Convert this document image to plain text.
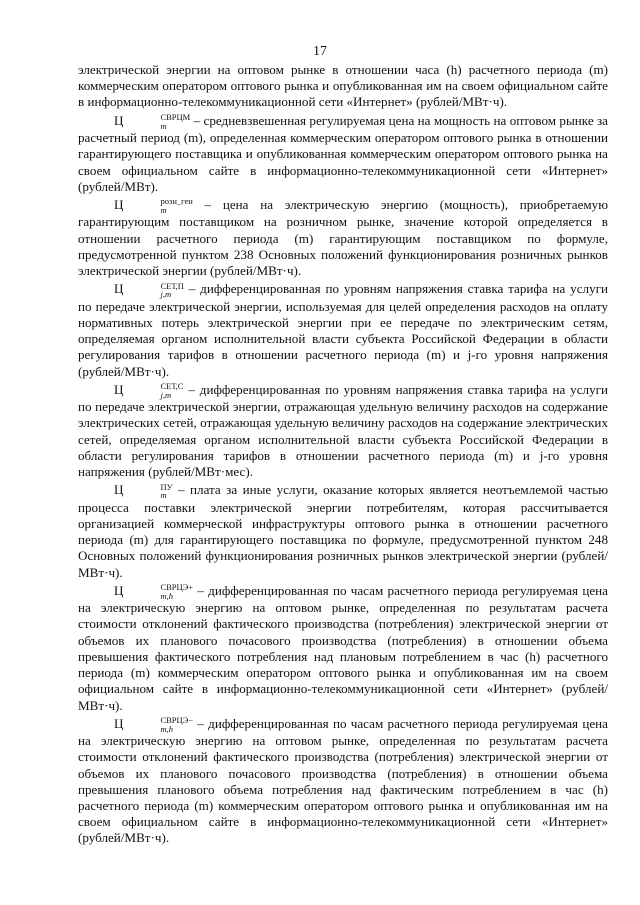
17

электрической энергии на оптовом рынке в отношении часа (h) расчетного периода (m) коммерческим оператором оптового рынка и опубликованная им на своем официальном сайте в информационно-телекоммуникационной сети «Интернет» (рублей/МВт·ч).

Ц	СВРЦМ
m	– средневзвешенная регулируемая цена на мощность на оптовом рынке за расчетный период (m), определенная коммерческим оператором оптового рынка в отношении гарантирующего поставщика и опубликованная коммерческим оператором оптового рынка на своем официальном сайте в информационно-телекоммуникационной сети «Интернет» (рублей/МВт).

Ц	розн_ген
m	– цена на электрическую энергию (мощность), приобретаемую гарантирующим поставщиком на розничном рынке, значение которой определяется в отношении расчетного периода (m) гарантирующим поставщиком по формуле, предусмотренной пунктом 238 Основных положений функционирования розничных рынков электрической энергии (рублей/МВт·ч).

Ц	СЕТ,П
j,m – дифференцированная по уровням напряжения ставка тарифа на услуги по передаче электрической энергии, используемая для целей определения расходов на оплату нормативных потерь электрической энергии при ее передаче по электрическим сетям, определяемая органом исполнительной власти субъекта Российской Федерации в области регулирования тарифов в отношении расчетного периода (m) и j-го уровня напряжения (рублей/МВт·ч).

Ц	СЕТ,С
j,m – дифференцированная по уровням напряжения ставка тарифа на услуги по передаче электрической энергии, отражающая удельную величину расходов на содержание электрических сетей, отражающая удельную величину расходов на содержание электрических сетей, определяемая органом исполнительной власти субъекта Российской Федерации в области регулирования тарифов в отношении расчетного периода (m) и j-го уровня напряжения (рублей/МВт·мес).

Ц	ПУ
m – плата за иные услуги, оказание которых является неотъемлемой частью процесса поставки электрической энергии потребителям, которая рассчитывается организацией коммерческой инфраструктуры оптового рынка в отношении расчетного периода (m) для гарантирующего поставщика по формуле, предусмотренной пунктом 248 Основных положений функционирования розничных рынков электрической энергии (рублей/МВт·ч).

Ц	СВРЦЭ+
m,h	– дифференцированная по часам расчетного периода регулируемая цена на электрическую энергию на оптовом рынке, определенная по результатам расчета стоимости отклонений фактического производства (потребления) электрической энергии от объемов их планового почасового производства (потребления) в отношении объема превышения фактического потребления над плановым потреблением в час (h) расчетного периода (m) коммерческим оператором оптового рынка и опубликованная им на своем официальном сайте в информационно-телекоммуникационной сети «Интернет» (рублей/МВт·ч).

Ц	СВРЦЭ−
m,h	– дифференцированная по часам расчетного периода регулируемая цена на электрическую энергию на оптовом рынке, определенная по результатам расчета стоимости отклонений фактического производства (потребления) электрической энергии от объемов их планового почасового производства (потребления) в отношении объема превышения планового объема потребления над фактическим потреблением в час (h) расчетного периода (m) коммерческим оператором оптового рынка и опубликованная им на своем официальном сайте в информационно-телекоммуникационной сети «Интернет» (рублей/МВт·ч).
